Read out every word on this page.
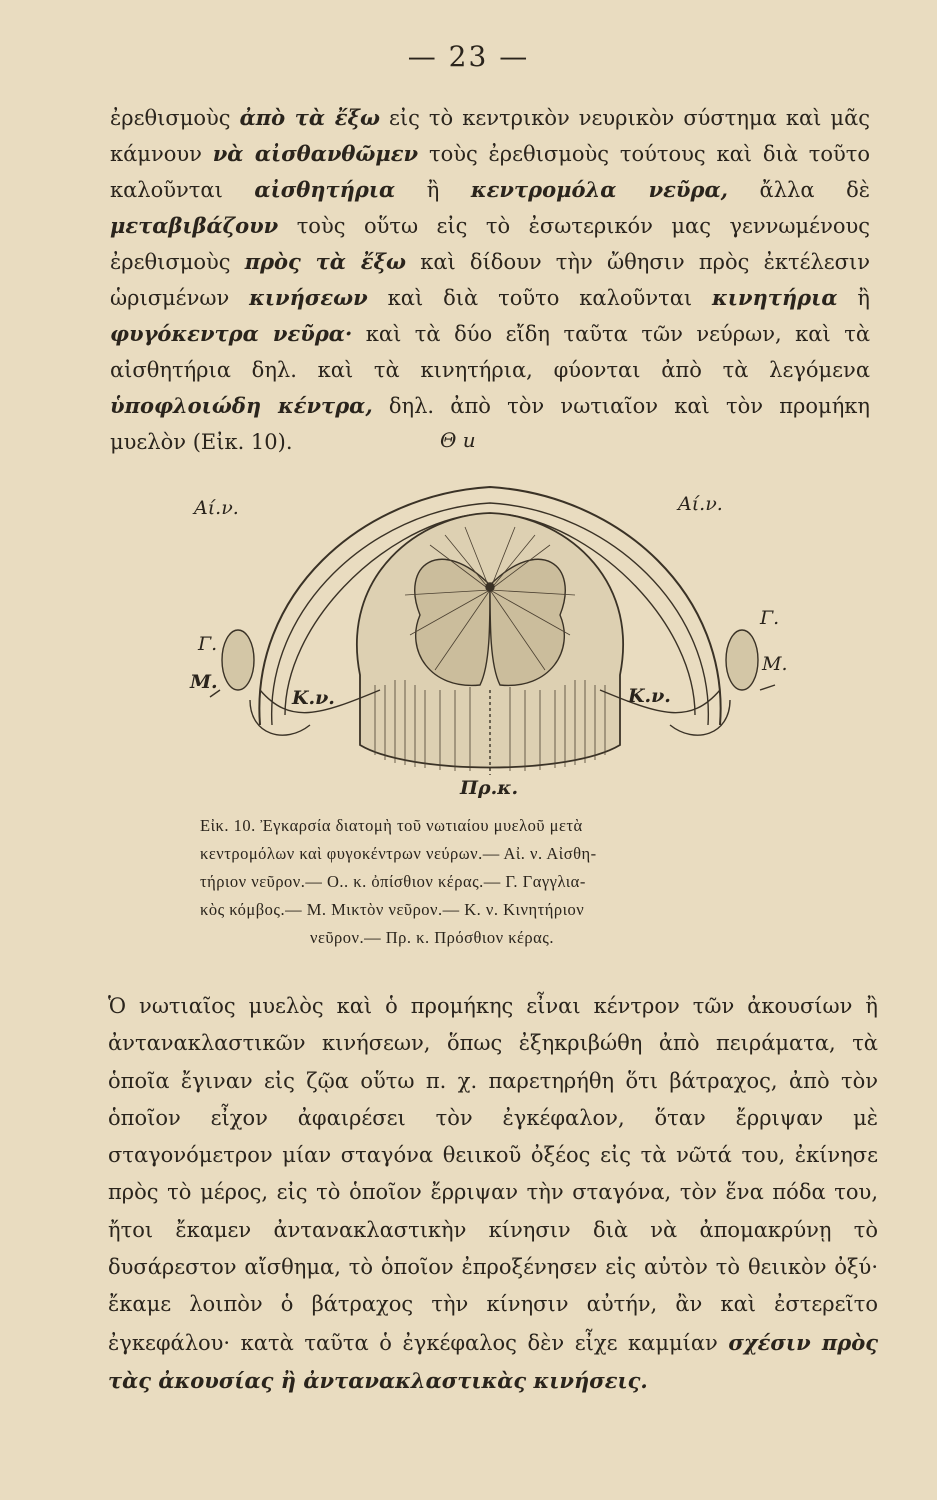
— 23 —
ἐρεθισμοὺς ἀπὸ τὰ ἔξω εἰς τὸ κεντρικὸν νευρικὸν σύστημα καὶ μᾶς κάμνουν νὰ αἰσθανθῶμεν τοὺς ἐρεθισμοὺς τούτους καὶ διὰ τοῦτο καλοῦνται αἰσθητήρια ἢ κεντρομόλα νεῦρα, ἄλλα δὲ μεταβιβάζουν τοὺς οὕτω εἰς τὸ ἐσωτερικόν μας γεννωμένους ἐρεθισμοὺς πρὸς τὰ ἔξω καὶ δίδουν τὴν ὤθησιν πρὸς ἐκτέλεσιν ὡρισμένων κινήσεων καὶ διὰ τοῦτο καλοῦνται κινητήρια ἢ φυγόκεντρα νεῦρα· καὶ τὰ δύο εἴδη ταῦτα τῶν νεύρων, καὶ τὰ αἰσθητήρια δηλ. καὶ τὰ κινητήρια, φύονται ἀπὸ τὰ λεγόμενα ὑποφλοιώδη κέντρα, δηλ. ἀπὸ τὸν νωτιαῖον καὶ τὸν προμήκη μυελὸν (Εἰκ. 10).	Θ u
Αί.ν.	Αί.ν.
Γ.
Μ.
Γ.
Μ.
Κ.ν.	Κ.ν.
Πρ.κ.
Εἰκ. 10. Ἐγκαρσία διατομὴ τοῦ νωτιαίου μυελοῦ μετὰ
κεντρομόλων καὶ φυγοκέντρων νεύρων.— Αἰ. ν. Αἰσθη-
τήριον νεῦρον.— Ο.. κ. ὀπίσθιον κέρας.— Γ. Γαγγλια-
κὸς κόμβος.— Μ. Μικτὸν νεῦρον.— Κ. ν. Κινητήριον
νεῦρον.— Πρ. κ. Πρόσθιον κέρας.
Ὁ νωτιαῖος μυελὸς καὶ ὁ προμήκης εἶναι κέντρον τῶν ἀκουσίων ἢ ἀντανακλαστικῶν κινήσεων, ὅπως ἐξηκριβώθη ἀπὸ πειράματα, τὰ ὁποῖα ἔγιναν εἰς ζῷα οὕτω π. χ. παρετηρήθη ὅτι βάτραχος, ἀπὸ τὸν ὁποῖον εἶχον ἀφαιρέσει τὸν ἐγκέφαλον, ὅταν ἔρριψαν μὲ σταγονόμετρον μίαν σταγόνα θειικοῦ ὀξέος εἰς τὰ νῶτά του, ἐκίνησε πρὸς τὸ μέρος, εἰς τὸ ὁποῖον ἔρριψαν τὴν σταγόνα, τὸν ἕνα πόδα του, ἤτοι ἔκαμεν ἀντανακλαστικὴν κίνησιν διὰ νὰ ἀπομακρύνῃ τὸ δυσάρεστον αἴσθημα, τὸ ὁποῖον ἐπροξένησεν εἰς αὐτὸν τὸ θειικὸν ὀξύ· ἔκαμε λοιπὸν ὁ βάτραχος τὴν κίνησιν αὐτήν, ἂν καὶ ἐστερεῖτο ἐγκεφάλου· κατὰ ταῦτα ὁ ἐγκέφαλος δὲν εἶχε καμμίαν σχέσιν πρὸς τὰς ἀκουσίας ἢ ἀντανακλαστικὰς κινήσεις.
